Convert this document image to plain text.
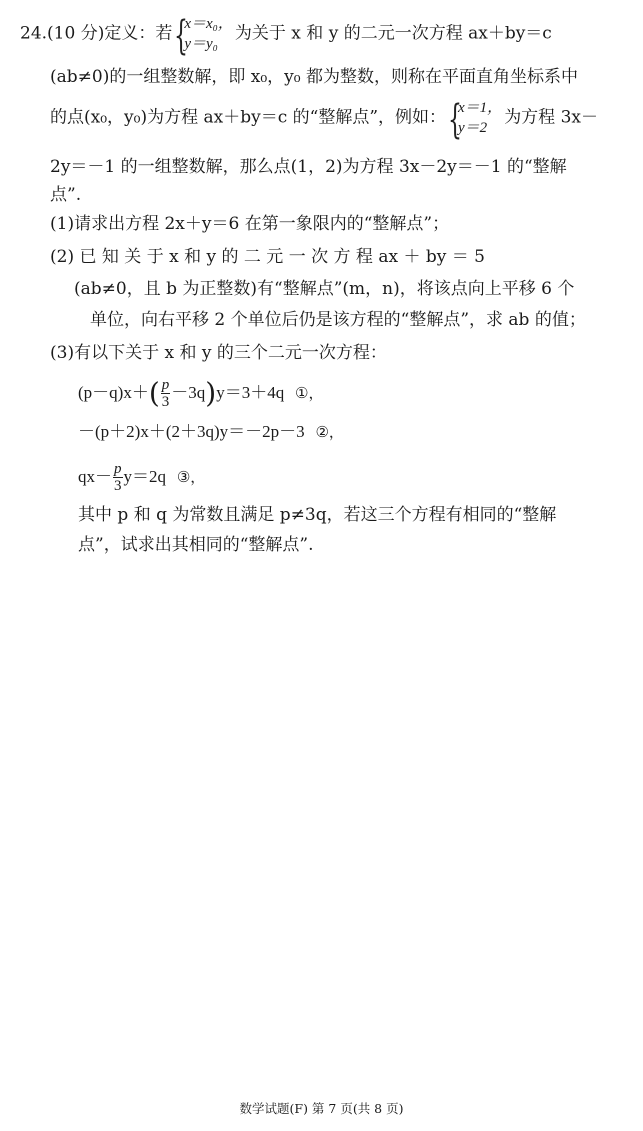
24.(10 分)定义：若 {
x＝x₀，
y＝y₀
为关于 x 和 y 的二元一次方程 ax＋by＝c
(ab≠0)的一组整数解，即 x₀，y₀ 都为整数，则称在平面直角坐标系中
的点(x₀，y₀)为方程 ax＋by＝c 的“整解点”，例如： {
x＝1，
y＝2
为方程 3x－
2y＝－1 的一组整数解，那么点(1，2)为方程 3x－2y＝－1 的“整解
点”.
(1)请求出方程 2x＋y＝6 在第一象限内的“整解点”；
(2) 已 知 关 于 x 和 y 的 二 元 一 次 方 程 ax ＋ by ＝ 5
(ab≠0，且 b 为正整数)有“整解点”(m，n)，将该点向上平移 6 个
单位，向右平移 2 个单位后仍是该方程的“整解点”，求 ab 的值；
(3)有以下关于 x 和 y 的三个二元一次方程：
$(p-q)x+( \frac{p}{3} -3q)y=3+4q$ ①，
－(p＋2)x＋(2＋3q)y＝－2p－3 ②，
$qx- \frac{p}{3} y=2q$ ③，
其中 p 和 q 为常数且满足 p≠3q，若这三个方程有相同的“整解
点”，试求出其相同的“整解点”.
数学试题(F) 第 7 页(共 8 页)
